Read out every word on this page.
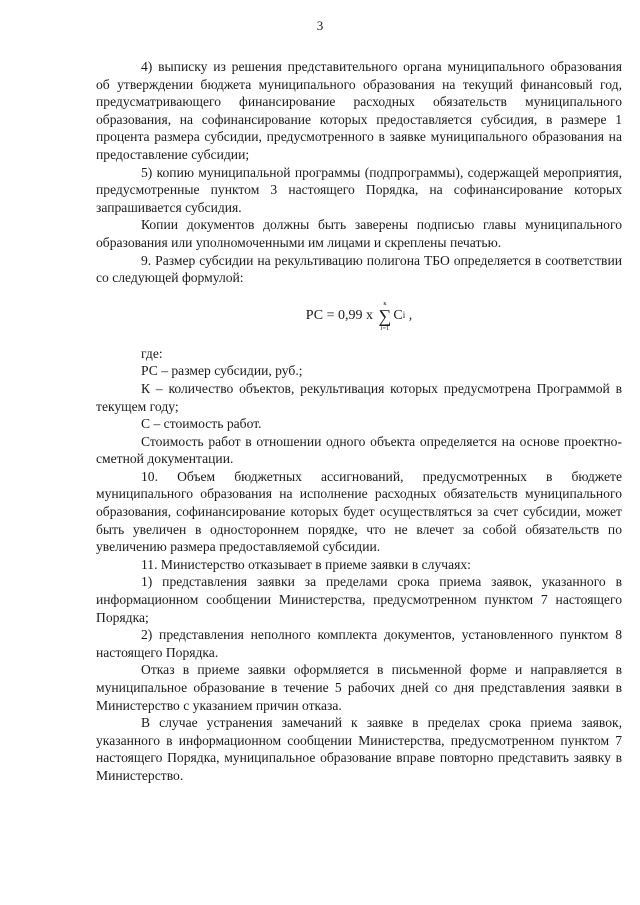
3

4) выписку из решения представительного органа муниципального образования об утверждении бюджета муниципального образования на текущий финансовый год, предусматривающего финансирование расходных обязательств муниципального образования, на софинансирование которых предоставляется субсидия, в размере 1 процента размера субсидии, предусмотренного в заявке муниципального образования на предоставление субсидии;

5) копию муниципальной программы (подпрограммы), содержащей мероприятия, предусмотренные пунктом 3 настоящего Порядка, на софинансирование которых запрашивается субсидия.

Копии документов должны быть заверены подписью главы муниципального образования или уполномоченными им лицами и скреплены печатью.

9. Размер субсидии на рекультивацию полигона ТБО определяется в соответствии со следующей формулой:

РС = 0,99 х
к
∑
i=1
С i ,

где:

РС – размер субсидии, руб.;

К – количество объектов, рекультивация которых предусмотрена Программой в текущем году;

С – стоимость работ.

Стоимость работ в отношении одного объекта определяется на основе проектно-сметной документации.

10. Объем бюджетных ассигнований, предусмотренных в бюджете муниципального образования на исполнение расходных обязательств муниципального образования, софинансирование которых будет осуществляться за счет субсидии, может быть увеличен в одностороннем порядке, что не влечет за собой обязательств по увеличению размера предоставляемой субсидии.

11. Министерство отказывает в приеме заявки в случаях:

1) представления заявки за пределами срока приема заявок, указанного в информационном сообщении Министерства, предусмотренном пунктом 7 настоящего Порядка;

2) представления неполного комплекта документов, установленного пунктом 8 настоящего Порядка.

Отказ в приеме заявки оформляется в письменной форме и направляется в муниципальное образование в течение 5 рабочих дней со дня представления заявки в Министерство с указанием причин отказа.

В случае устранения замечаний к заявке в пределах срока приема заявок, указанного в информационном сообщении Министерства, предусмотренном пунктом 7 настоящего Порядка, муниципальное образование вправе повторно представить заявку в Министерство.
